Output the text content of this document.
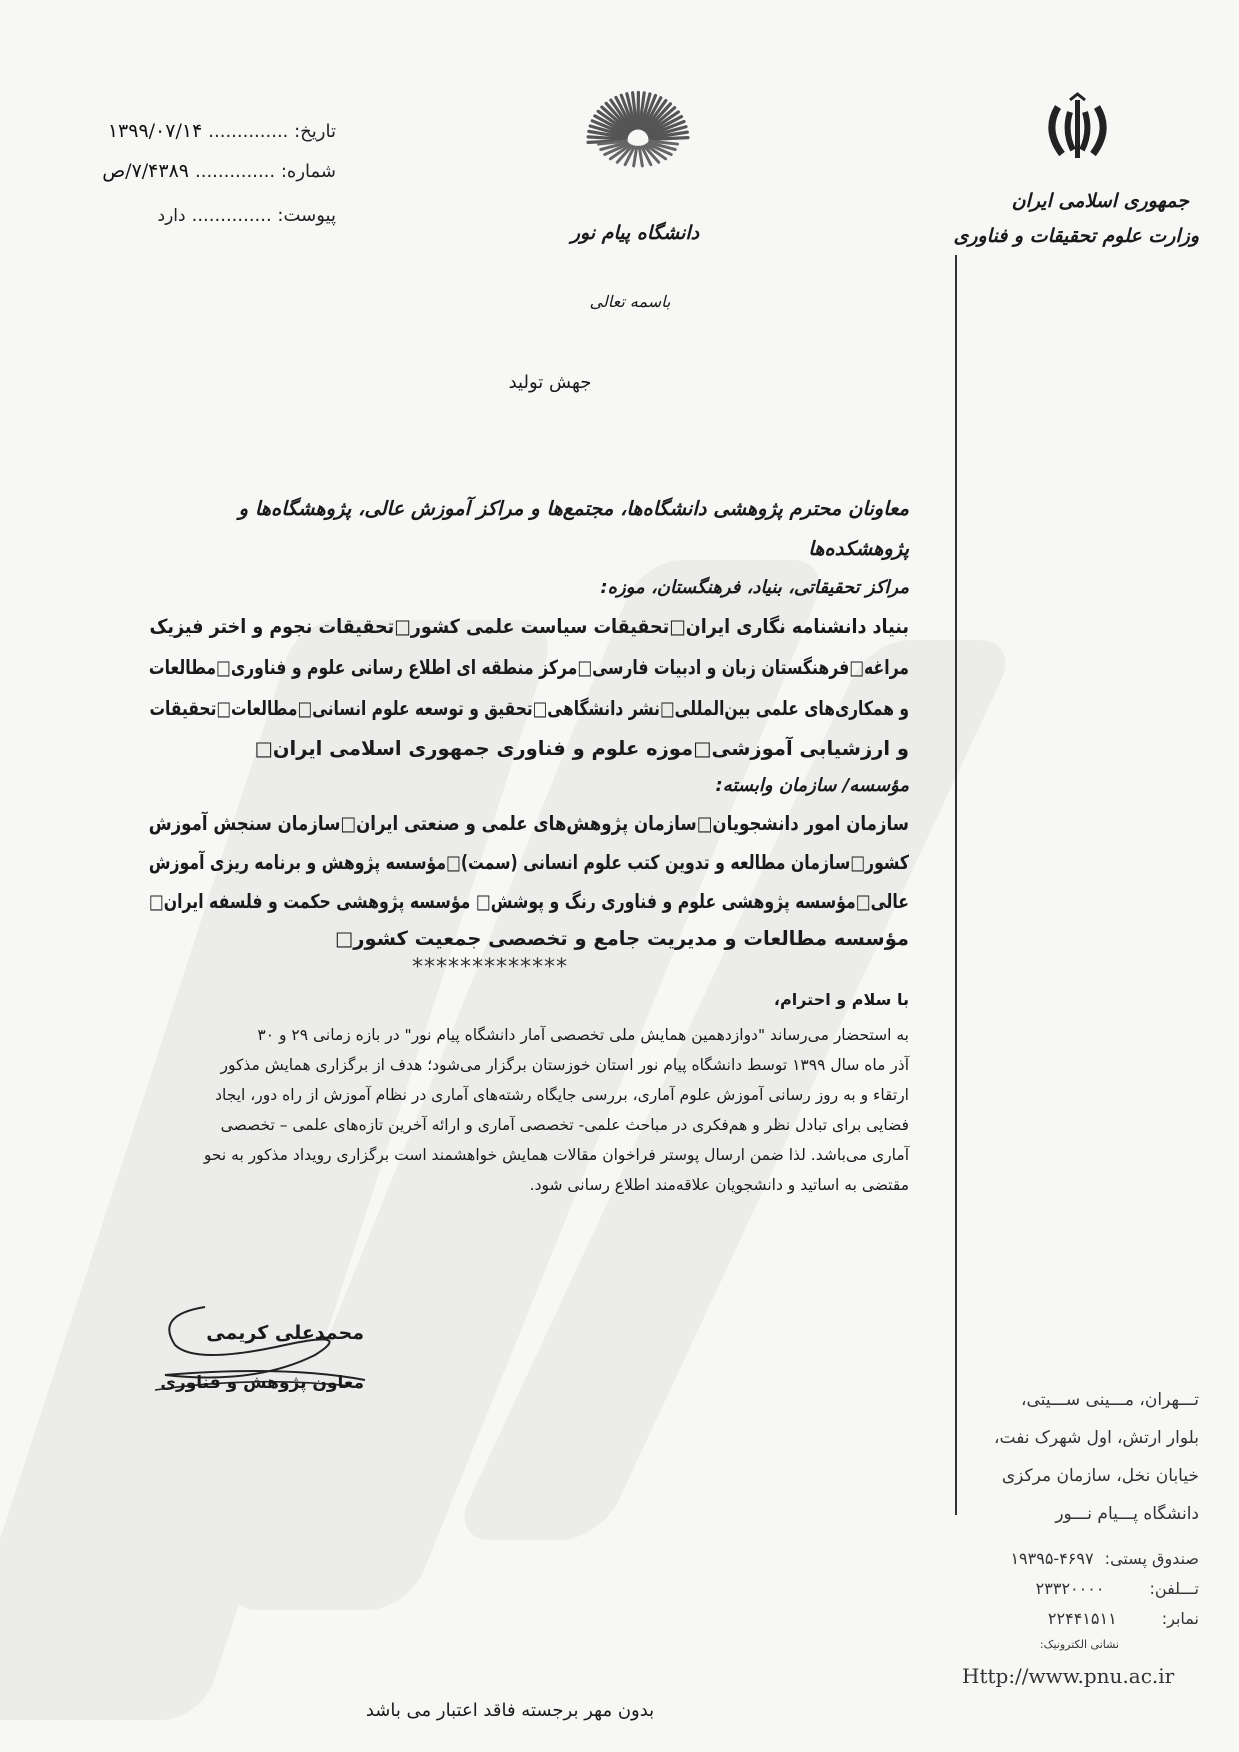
جمهوری اسلامی ایران
وزارت علوم تحقیقات و فناوری
دانشگاه پیام نور
باسمه تعالی
تاریخ: ..............
۱۳۹۹/۰۷/۱۴
شماره: ..............
۷/۴۳۸۹/ص
پیوست: ..............
دارد
جهش تولید
معاونان محترم پژوهشی دانشگاه‌ها، مجتمع‌ها و مراکز آموزش عالی، پژوهشگاه‌ها و
پژوهشکده‌ها
مراکز تحقیقاتی، بنیاد، فرهنگستان، موزه:
بنیاد دانشنامه نگاری ایران□تحقیقات سیاست علمی کشور□تحقیقات نجوم و اختر فیزیک
مراغه□فرهنگستان زبان و ادبیات فارسی□مرکز منطقه ای اطلاع رسانی علوم و فناوری□مطالعات
و همکاری‌های علمی بین‌المللی□نشر دانشگاهی□تحقیق و توسعه علوم انسانی□مطالعات□تحقیقات
و ارزشیابی آموزشی□موزه علوم و فناوری جمهوری اسلامی ایران□
مؤسسه/ سازمان وابسته:
سازمان امور دانشجویان□سازمان پژوهش‌های علمی و صنعتی ایران□سازمان سنجش آموزش
کشور□سازمان مطالعه و تدوین کتب علوم انسانی (سمت)□مؤسسه پژوهش و برنامه ریزی آموزش
عالی□مؤسسه پژوهشی علوم و فناوری رنگ و پوشش□ مؤسسه پژوهشی حکمت و فلسفه ایران□
مؤسسه مطالعات و مدیریت جامع و تخصصی جمعیت کشور□
*************
با سلام و احترام،
به استحضار می‌رساند "دوازدهمین همایش ملی تخصصی آمار دانشگاه پیام نور" در بازه زمانی ۲۹ و ۳۰
آذر ماه سال ۱۳۹۹ توسط دانشگاه پیام نور استان خوزستان برگزار می‌شود؛ هدف از برگزاری همایش مذکور
ارتقاء و به روز رسانی آموزش علوم آماری، بررسی جایگاه رشته‌های آماری در نظام آموزش از راه دور، ایجاد
فضایی برای تبادل نظر و هم‌فکری در مباحث علمی- تخصصی آماری و ارائه آخرین تازه‌های علمی – تخصصی
آماری می‌باشد. لذا ضمن ارسال پوستر فراخوان مقالات همایش خواهشمند است برگزاری رویداد مذکور به نحو
مقتضی به اساتید و دانشجویان علاقه‌مند اطلاع رسانی شود.
محمدعلی کریمی
معاون پژوهش و فناوری
تـــهران، مـــینی ســـیتی،
بلوار ارتش، اول شهرک نفت،
خیابان نخل، سازمان مرکزی
دانشگاه پـــیام نـــور
صندوق پستی: ۴۶۹۷-۱۹۳۹۵
تـــلفن: ۲۳۳۲۰۰۰۰
نمابر: ۲۲۴۴۱۵۱۱
نشانی الکترونیک:
Http://www.pnu.ac.ir
بدون مهر برجسته فاقد اعتبار می باشد
